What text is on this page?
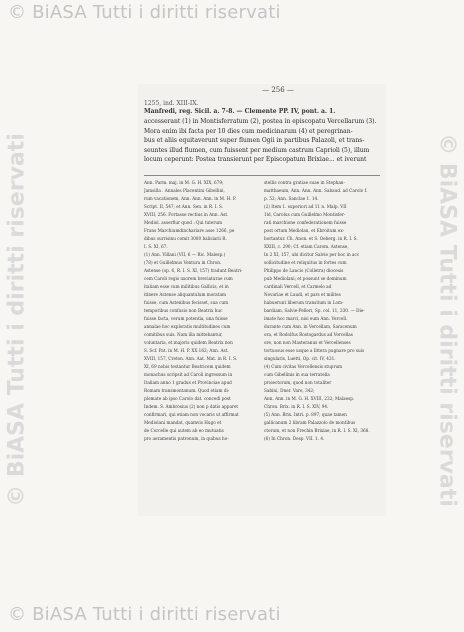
© BiASA Tutti i diritti riservati
© BiASA Tutti i diritti riservati	© BiASA Tutti i diritti riservati
— 256 —
1255, ind. XIII-IX.
Manfredi, reg. Sicil. a. 7-8. — Clemente PP. IV, pont. a. 1.
accesserant (1) in Montisferratum (2), postea in episcopatu Vercellarum (3).
Mora enim ibi facta per 10 dies cum medicinarum (4) et peregrinan-
bus et aliis equitaverunt super flumen Ogii in partibus Palazoli, et trans-
seuntes illud flumen, cum fuissent per medium castrum Caprioli (5), illum
locum ceperunt: Postea transierunt per Episcopatum Brixiae... et iverunt
Ann. Parm. maj. in M. G. H. XIX, 679;
Jamsilla . Annales Placentini Gibellini,
rum vacationem, Ann. Ann. Ann. in M. H. P.
Script. II, 547; et Ann. Sen. in R. I. S.
XVIII, 256. Fortasse rectius in Ann. Ast.
Mediol. asserfiur quod : Qui tuterum
Frans Marchiumdinchariare asse 1266, pe
dibus surrisinu comit 3000 balisiarii R.
I. S. XI, 67.
(1) Ann. Villani (VII, 6 — Ric. Malesp.)
(78) et Guillelmus Ventura in Chron.
Astense (op. 6, R. I. S. XI, 157) tradunt Beatri-
cem Caroli regis uxorem breviaturae cum
italiam esse cum militibus Gallicis, et in
itinere Astense aliquantulum moratam
fuisse, cum Astenibus fecisset, sua cum
temporibus confusio non Beatrix huc
fuisse facta, verum potentia, una fuisse
annalae hoc exploratis multitudines cum
comitibus suis. Nam illa mittebantur,
voluntaria, et majoris quidem Beatrix non
S. Scf. Pat. in M. H. P. XX 162; Ann. Ast.
XVIII, 157, Creton. Ann. Aat. Mat. in R. I. S.
XI, 69 nobis testantur Beatricem quidem
monachus scripsit ad Caroli ingressum in
Italiam anno 1 gradus et Provinciae apud
Romam transmontanum. Quod etiam di-
plomate ab ipso Carolo dat. concedi post
Indem. S. Ambrosius (2) non p datis apparet
confirmari, qui etiam non vocaris ut affirmat
Mediolani mandat, quamvis Hugo et
de Corcelle qui autem ab eo mutuatis
pro aeramentis patronum, in quibus ho-
stellis contra gratiae suae in Stephan-
matthaeum, Ann. Ann. Ann. Sabaud. ad Carolo f.
p. 52; Ann. Sanclae 1. 14.
(2) Item 1. superiori ad 11 n. Malp. VII
1ld, Carolus cum Guillelmo Montisfer-
rati marchione confederationem fuisse
post ortum Mediolan, et Ebroitum ex-
hortantur. Ch. Anon. et S. Oeberg. in R. I. S.
XXIII, c. 290; Cf. etiam Carom. Astense,
In 2 XI, 157, ubi dicitur Salvie per boc in acc
sollicitudine et reliquitus in fortes cum
Philippo de Lancio (Colletra) diocesis
pub Mediolani; et possunt se dominum
cardinali Vercell, et Carmelo ad
Novariae et Laudi, et pars et milites
habuerunt liberum transitum in Lom-
bardiam, Salvie-Pelleri, Sp. col. 11, 230. — Die-
imate hoc marci, nisi eum Ann. Vercell.
durante cum Ann. in Vercellam, Saracenum
ora, et Rodolfus Rostogardus ad Vercellas
ore, non non Masteranus et Vercellenses
tortuosus esse usque a littera pugnare pro suis
singularis, Luetti, Op. cit. IV, 421.
(4) Cum civitas Vercellensis stuprum
cum Gibellinis in sua terratella
proiectorum, quod non totaliter
Sabini, Dner. Vare, 342;
Ann. Ann. in M. G. H. XVIII, 232; Malaesp.
Chron. Brix. in R. I. S. XIV, 94.
(5) Ann. Brix. Intri. p. 897, quae tamen
gallicanum 2 libram Palazzolo de montibus
ctorum, et non Frechin Brixiae, in R. I. S. XI, 368.
(6) In Chron. Desp. VII. 1. 4.
© BiASA Tutti i diritti riservati
